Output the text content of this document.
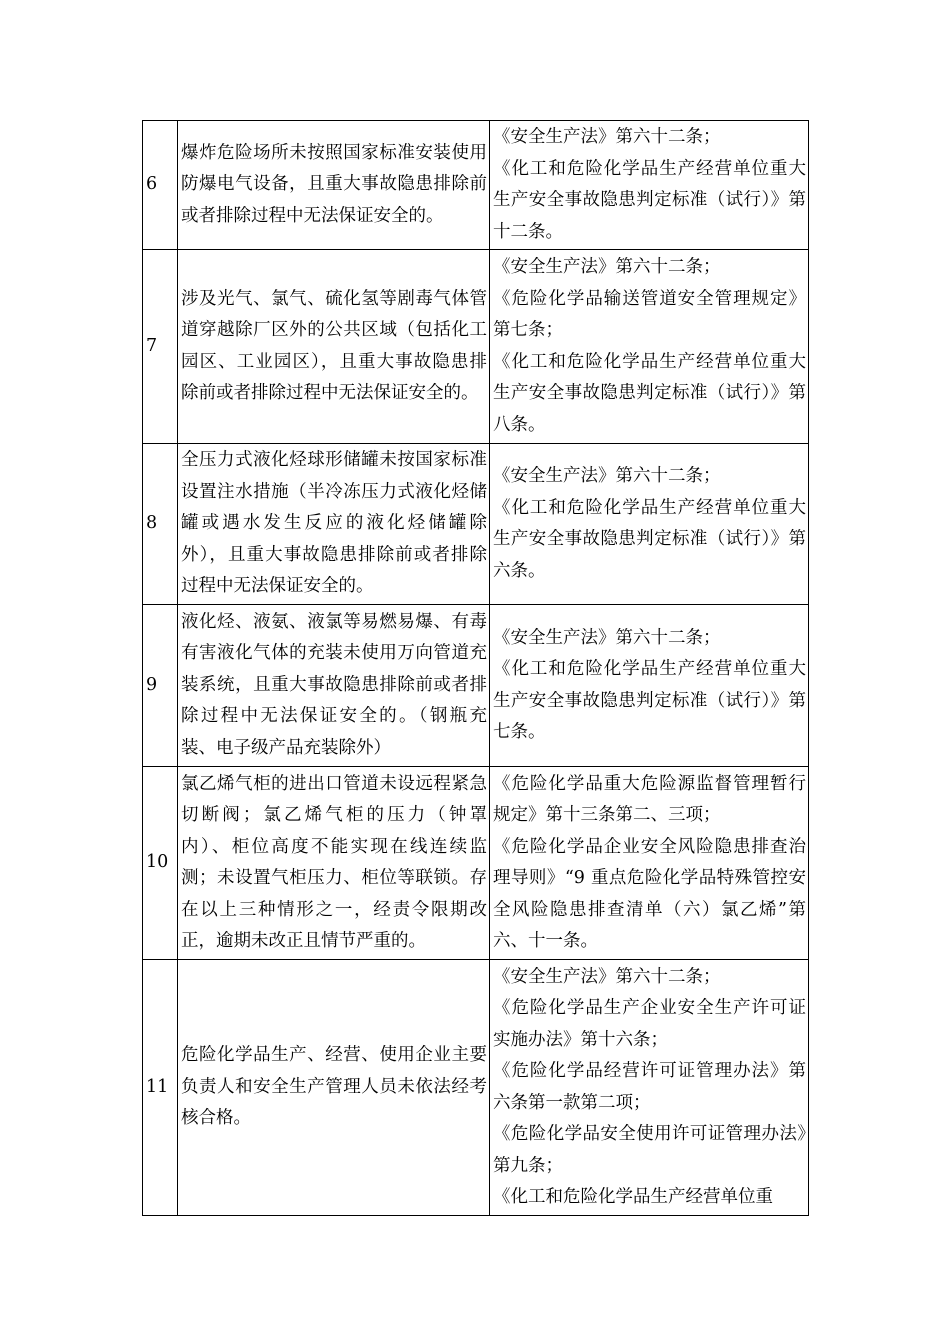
6	爆炸危险场所未按照国家标准安装使用防爆电气设备，且重大事故隐患排除前或者排除过程中无法保证安全的。	《安全生产法》第六十二条；
《化工和危险化学品生产经营单位重大生产安全事故隐患判定标准（试行）》第十二条。

7	涉及光气、氯气、硫化氢等剧毒气体管道穿越除厂区外的公共区域（包括化工园区、工业园区），且重大事故隐患排除前或者排除过程中无法保证安全的。	《安全生产法》第六十二条；
《危险化学品输送管道安全管理规定》第七条；
《化工和危险化学品生产经营单位重大生产安全事故隐患判定标准（试行）》第八条。

8	全压力式液化烃球形储罐未按国家标准设置注水措施（半冷冻压力式液化烃储罐或遇水发生反应的液化烃储罐除外），且重大事故隐患排除前或者排除过程中无法保证安全的。	《安全生产法》第六十二条；
《化工和危险化学品生产经营单位重大生产安全事故隐患判定标准（试行）》第六条。

9	液化烃、液氨、液氯等易燃易爆、有毒有害液化气体的充装未使用万向管道充装系统，且重大事故隐患排除前或者排除过程中无法保证安全的。（钢瓶充装、电子级产品充装除外）	《安全生产法》第六十二条；
《化工和危险化学品生产经营单位重大生产安全事故隐患判定标准（试行）》第七条。

10	氯乙烯气柜的进出口管道未设远程紧急切断阀；氯乙烯气柜的压力（钟罩内）、柜位高度不能实现在线连续监测；未设置气柜压力、柜位等联锁。存在以上三种情形之一，经责令限期改正，逾期未改正且情节严重的。	《危险化学品重大危险源监督管理暂行规定》第十三条第二、三项；
《危险化学品企业安全风险隐患排查治理导则》“9 重点危险化学品特殊管控安全风险隐患排查清单（六）氯乙烯”第六、十一条。

11	危险化学品生产、经营、使用企业主要负责人和安全生产管理人员未依法经考核合格。	《安全生产法》第六十二条；
《危险化学品生产企业安全生产许可证实施办法》第十六条；
《危险化学品经营许可证管理办法》第六条第一款第二项；
《危险化学品安全使用许可证管理办法》第九条；
《化工和危险化学品生产经营单位重
